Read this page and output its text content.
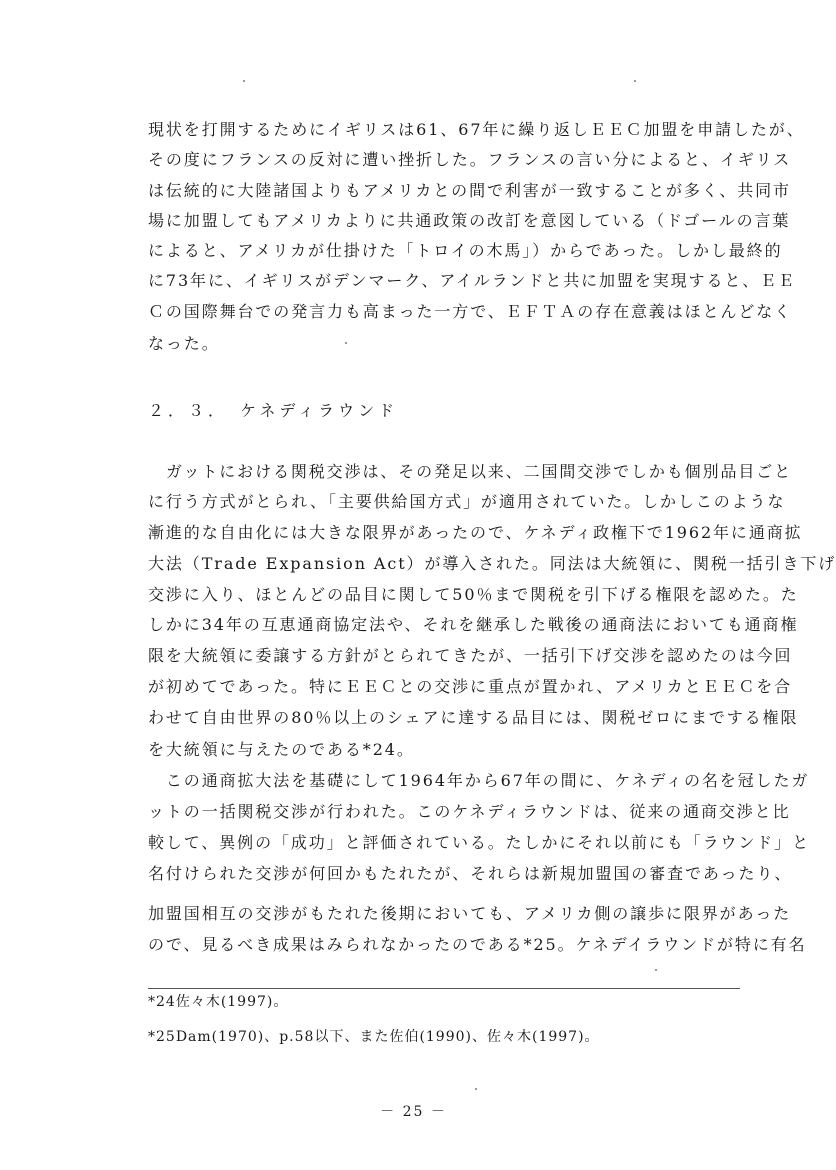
現状を打開するためにイギリスは61、67年に繰り返しＥＥＣ加盟を申請したが、
その度にフランスの反対に遭い挫折した。フランスの言い分によると、イギリス
は伝統的に大陸諸国よりもアメリカとの間で利害が一致することが多く、共同市
場に加盟してもアメリカよりに共通政策の改訂を意図している（ドゴールの言葉
によると、アメリカが仕掛けた「トロイの木馬」）からであった。しかし最終的
に73年に、イギリスがデンマーク、アイルランドと共に加盟を実現すると、ＥＥ
Ｃの国際舞台での発言力も高まった一方で、ＥＦＴＡの存在意義はほとんどなく
なった。
２．３．　ケネディラウンド
　ガットにおける関税交渉は、その発足以来、二国間交渉でしかも個別品目ごと
に行う方式がとられ、「主要供給国方式」が適用されていた。しかしこのような
漸進的な自由化には大きな限界があったので、ケネディ政権下で1962年に通商拡
大法（Trade Expansion Act）が導入された。同法は大統領に、関税一括引き下げ
交渉に入り、ほとんどの品目に関して50％まで関税を引下げる権限を認めた。た
しかに34年の互恵通商協定法や、それを継承した戦後の通商法においても通商権
限を大統領に委譲する方針がとられてきたが、一括引下げ交渉を認めたのは今回
が初めてであった。特にＥＥＣとの交渉に重点が置かれ、アメリカとＥＥＣを合
わせて自由世界の80％以上のシェアに達する品目には、関税ゼロにまでする権限
を大統領に与えたのである*24。
　この通商拡大法を基礎にして1964年から67年の間に、ケネディの名を冠したガ
ットの一括関税交渉が行われた。このケネディラウンドは、従来の通商交渉と比
較して、異例の「成功」と評価されている。たしかにそれ以前にも「ラウンド」と
名付けられた交渉が何回かもたれたが、それらは新規加盟国の審査であったり、
加盟国相互の交渉がもたれた後期においても、アメリカ側の譲歩に限界があった
ので、見るべき成果はみられなかったのである*25。ケネデイラウンドが特に有名
*24佐々木(1997)。
*25Dam(1970)、p.58以下、また佐伯(1990)、佐々木(1997)。
－ 25 －
